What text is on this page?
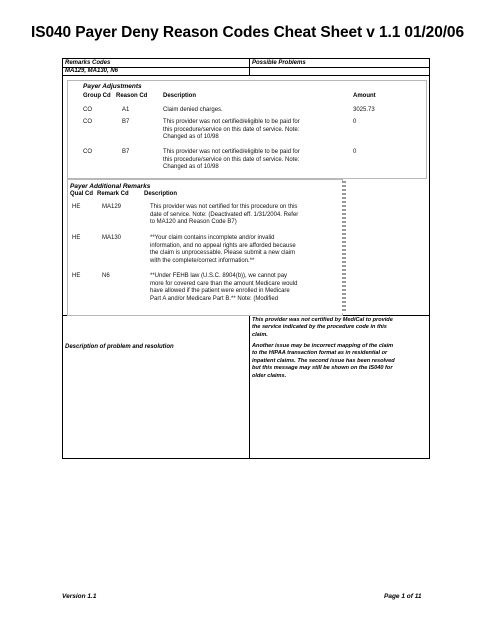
IS040 Payer Deny Reason Codes Cheat Sheet v 1.1 01/20/06
Remarks Codes	Possible Problems
MA129, MA130, N6
Description of problem and resolution
Payer Adjustments
Group Cd Reason Cd	Description	Amount
CO	A1	Claim denied charges.	3025.73
CO	B7	This provider was not certified/eligible to be paid for
this procedure/service on this date of service. Note:
Changed as of 10/98
0
CO	B7	This provider was not certified/eligible to be paid for
this procedure/service on this date of service. Note:
Changed as of 10/98
0
Payer Additional Remarks
Qual Cd Remark Cd	Description
HE	MA129	This provider was not certified for this procedure on this
date of service. Note: (Deactivated eff. 1/31/2004. Refer
to MA120 and Reason Code B7)
HE	MA130	**Your claim contains incomplete and/or invalid
information, and no appeal rights are afforded because
the claim is unprocessable. Please submit a new claim
with the complete/correct information.**
HE	N6	**Under FEHB law (U.S.C. 8904(b)), we cannot pay
more for covered care than the amount Medicare would
have allowed if the patient were enrolled in Medicare
Part A and/or Medicare Part B.** Note: (Modified
This provider was not certified by MediCal to provide
the service indicated by the procedure code in this
claim.
Another issue may be incorrect mapping of the claim
to the HIPAA transaction format as in residential or
inpatient claims. The second issue has been resolved
but this message may still be shown on the IS040 for
older claims.
Version 1.1	Page 1 of 11
